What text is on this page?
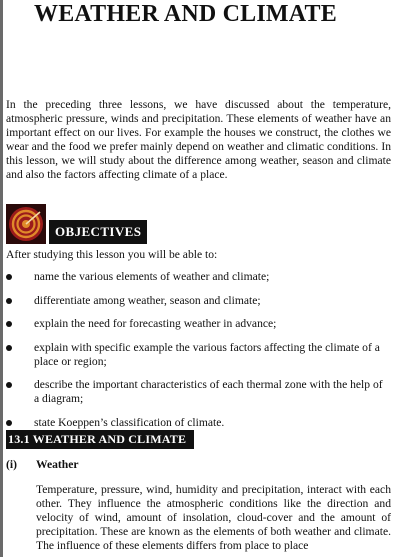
WEATHER AND CLIMATE

In the preceding three lessons, we have discussed about the temperature, atmospheric pressure, winds and precipitation. These elements of weather have an important effect on our lives. For example the houses we construct, the clothes we wear and the food we prefer mainly depend on weather and climatic conditions. In this lesson, we will study about the difference among weather, season and climate and also the factors affecting climate of a place.

OBJECTIVES

After studying this lesson you will be able to:

name the various elements of weather and climate;
differentiate among weather, season and climate;
explain the need for forecasting weather in advance;
explain with specific example the various factors affecting the climate of a place or region;
describe the important characteristics of each thermal zone with the help of a diagram;
state Koeppen’s classification of climate.
13.1 WEATHER AND CLIMATE
(i) Weather

Temperature, pressure, wind, humidity and precipitation, interact with each other. They influence the atmospheric conditions like the direction and velocity of wind, amount of insolation, cloud-cover and the amount of precipitation. These are known as the elements of both weather and climate. The influence of these elements differs from place to place
